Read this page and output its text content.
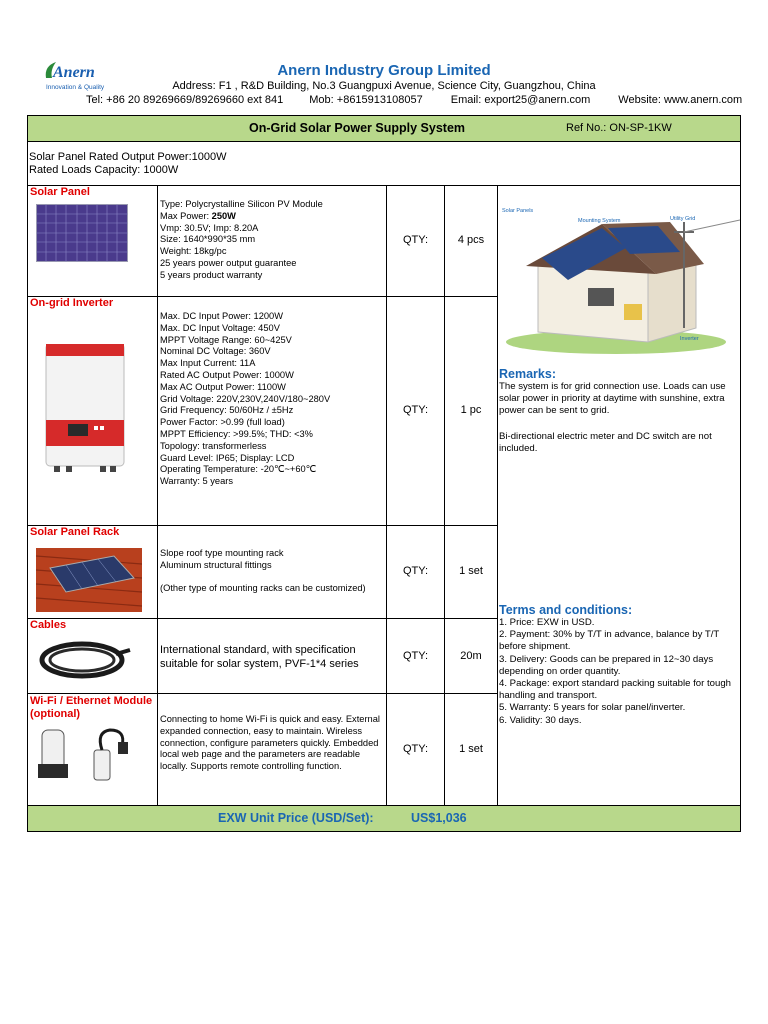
Anern
Innovation & Quality
Anern Industry Group Limited
Address: F1 , R&D Building, No.3 Guangpuxi Avenue, Science City, Guangzhou, China
Tel: +86 20 89269669/89269660 ext 841 Mob: +8615913108057	Email: export25@anern.com	Website: www.anern.com
On-Grid Solar Power Supply System	Ref No.: ON-SP-1KW
Solar Panel Rated Output Power:1000W
Rated Loads Capacity: 1000W
Solar Panel
Type: Polycrystalline Silicon PV Module
Max Power: 250W
Vmp: 30.5V; Imp: 8.20A
Size: 1640*990*35 mm
Weight: 18kg/pc
25 years power output guarantee
5 years product warranty
QTY:	4 pcs
On-grid Inverter
Max. DC Input Power: 1200W
Max. DC Input Voltage: 450V
MPPT Voltage Range: 60~425V
Nominal DC Voltage: 360V
Max Input Current: 11A
Rated AC Output Power: 1000W
Max AC Output Power: 1100W
Grid Voltage: 220V,230V,240V/180~280V
Grid Frequency: 50/60Hz / ±5Hz
Power Factor: >0.99 (full load)
MPPT Efficiency: >99.5%; THD: <3%
Topology: transformerless
Guard Level: IP65; Display: LCD
Operating Temperature: -20℃~+60℃
Warranty: 5 years
QTY:	1 pc
Solar Panel Rack
Slope roof type mounting rack
Aluminum structural fittings

(Other type of mounting racks can be customized)
QTY:	1 set
Cables
International standard, with specification suitable for solar system, PVF-1*4 series
QTY:	20m
Wi-Fi / Ethernet Module (optional)	Connecting to home Wi-Fi is quick and easy. External expanded connection, easy to maintain. Wireless connection, configure parameters quickly. Embedded local web page and the parameters are readable locally. Supports remote controlling function.
QTY:	1 set
Solar Panels
Mounting System	Utility Grid
Inverter
Remarks:
The system is for grid connection use. Loads can use solar power in priority at daytime with sunshine, extra power can be sent to grid.
Bi-directional electric meter and DC switch are not included.
Terms and conditions:
1. Price: EXW in USD.
2. Payment: 30% by T/T in advance, balance by T/T before shipment.
3. Delivery: Goods can be prepared in 12~30 days depending on order quantity.
4. Package: export standard packing suitable for tough handling and transport.
5. Warranty: 5 years for solar panel/inverter.
6. Validity: 30 days.
EXW Unit Price (USD/Set):	US$1,036
